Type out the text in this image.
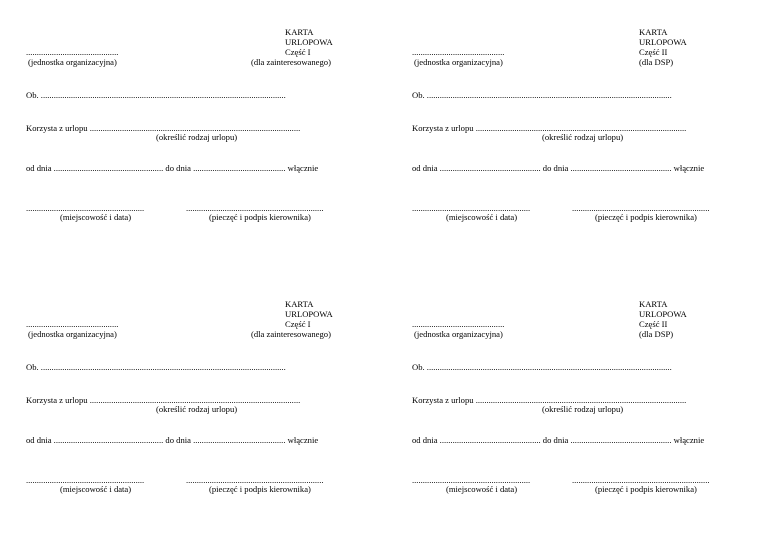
KARTA
URLOPOWA
Część I
(dla zainteresowanego)
...........................................
(jednostka organizacyjna)
Ob. ..................................................................................................................
Korzysta z urlopu ..................................................................................................
(określić rodzaj urlopu)
od dnia ................................................... do dnia ........................................... włącznie
.......................................................	................................................................
(miejscowość i data)	(pieczęć i podpis kierownika)
KARTA
URLOPOWA
Część II
(dla DSP)
...........................................
(jednostka organizacyjna)
Ob. ..................................................................................................................
Korzysta z urlopu ..................................................................................................
(określić rodzaj urlopu)
od dnia ............................................... do dnia ............................................... włącznie
.......................................................	................................................................
(miejscowość i data)	(pieczęć i podpis kierownika)
KARTA
URLOPOWA
Część I
(dla zainteresowanego)
...........................................
(jednostka organizacyjna)
Ob. ..................................................................................................................
Korzysta z urlopu ..................................................................................................
(określić rodzaj urlopu)
od dnia ................................................... do dnia ........................................... włącznie
.......................................................	................................................................
(miejscowość i data)	(pieczęć i podpis kierownika)
KARTA
URLOPOWA
Część II
(dla DSP)
...........................................
(jednostka organizacyjna)
Ob. ..................................................................................................................
Korzysta z urlopu ..................................................................................................
(określić rodzaj urlopu)
od dnia ............................................... do dnia ............................................... włącznie
.......................................................	................................................................
(miejscowość i data)	(pieczęć i podpis kierownika)
